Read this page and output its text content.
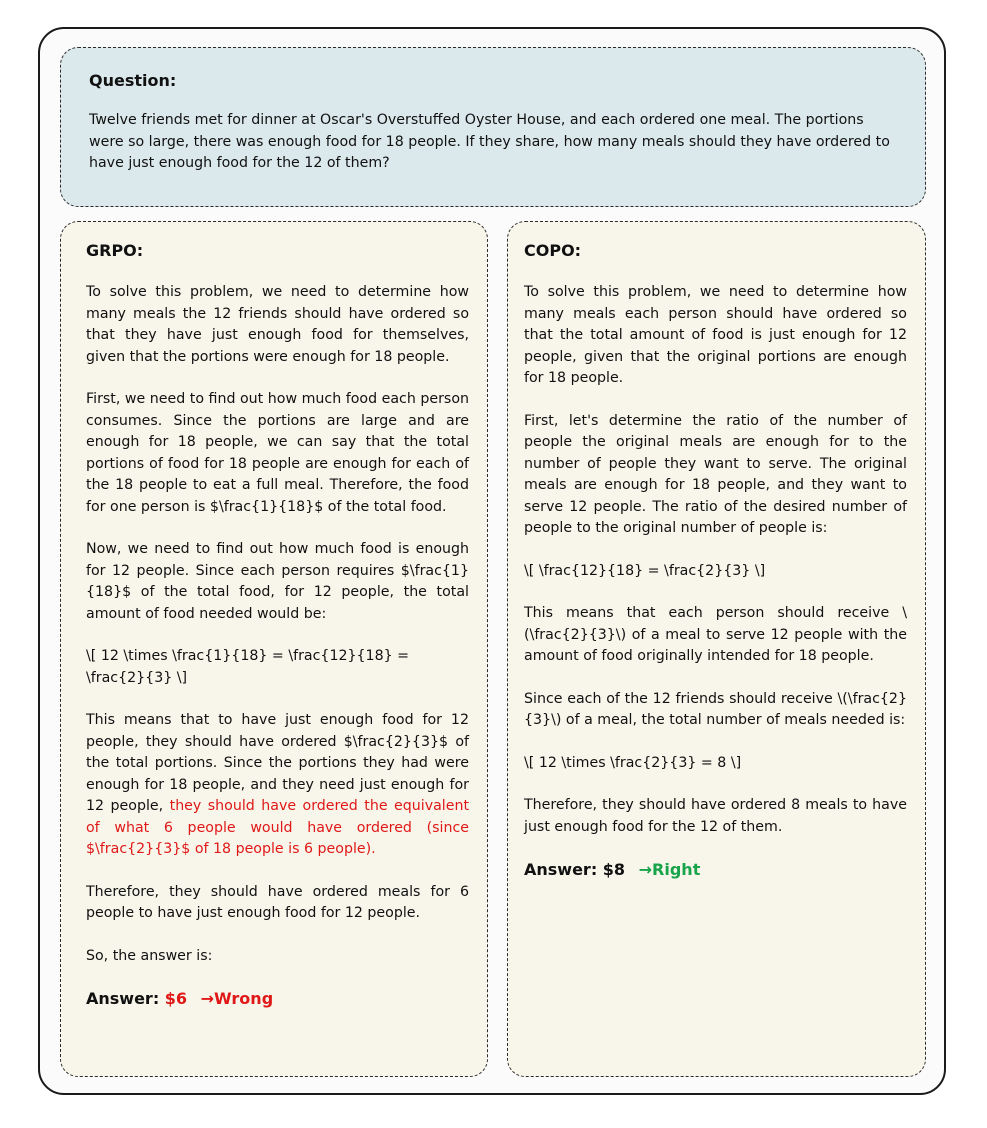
Question:

Twelve friends met for dinner at Oscar's Overstuffed Oyster House, and each ordered one meal. The portions were so large, there was enough food for 18 people. If they share, how many meals should they have ordered to have just enough food for the 12 of them?

GRPO:

To solve this problem, we need to determine how many meals the 12 friends should have ordered so that they have just enough food for themselves, given that the portions were enough for 18 people.

First, we need to find out how much food each person consumes. Since the portions are large and are enough for 18 people, we can say that the total portions of food for 18 people are enough for each of the 18 people to eat a full meal. Therefore, the food for one person is $\frac{1}{18}$ of the total food.

Now, we need to find out how much food is enough for 12 people. Since each person requires $\frac{1}{18}$ of the total food, for 12 people, the total amount of food needed would be:

\[ 12 \times \frac{1}{18} = \frac{12}{18} = \frac{2}{3} \]

This means that to have just enough food for 12 people, they should have ordered $\frac{2}{3}$ of the total portions. Since the portions they had were enough for 18 people, and they need just enough for 12 people, they should have ordered the equivalent of what 6 people would have ordered (since $\frac{2}{3}$ of 18 people is 6 people).

Therefore, they should have ordered meals for 6 people to have just enough food for 12 people.

So, the answer is:

Answer: $6 →Wrong

COPO:

To solve this problem, we need to determine how many meals each person should have ordered so that the total amount of food is just enough for 12 people, given that the original portions are enough for 18 people.

First, let's determine the ratio of the number of people the original meals are enough for to the number of people they want to serve. The original meals are enough for 18 people, and they want to serve 12 people. The ratio of the desired number of people to the original number of people is:

\[ \frac{12}{18} = \frac{2}{3} \]

This means that each person should receive \(\frac{2}{3}\) of a meal to serve 12 people with the amount of food originally intended for 18 people.

Since each of the 12 friends should receive \(\frac{2}{3}\) of a meal, the total number of meals needed is:

\[ 12 \times \frac{2}{3} = 8 \]

Therefore, they should have ordered 8 meals to have just enough food for the 12 of them.

Answer: $8 →Right
